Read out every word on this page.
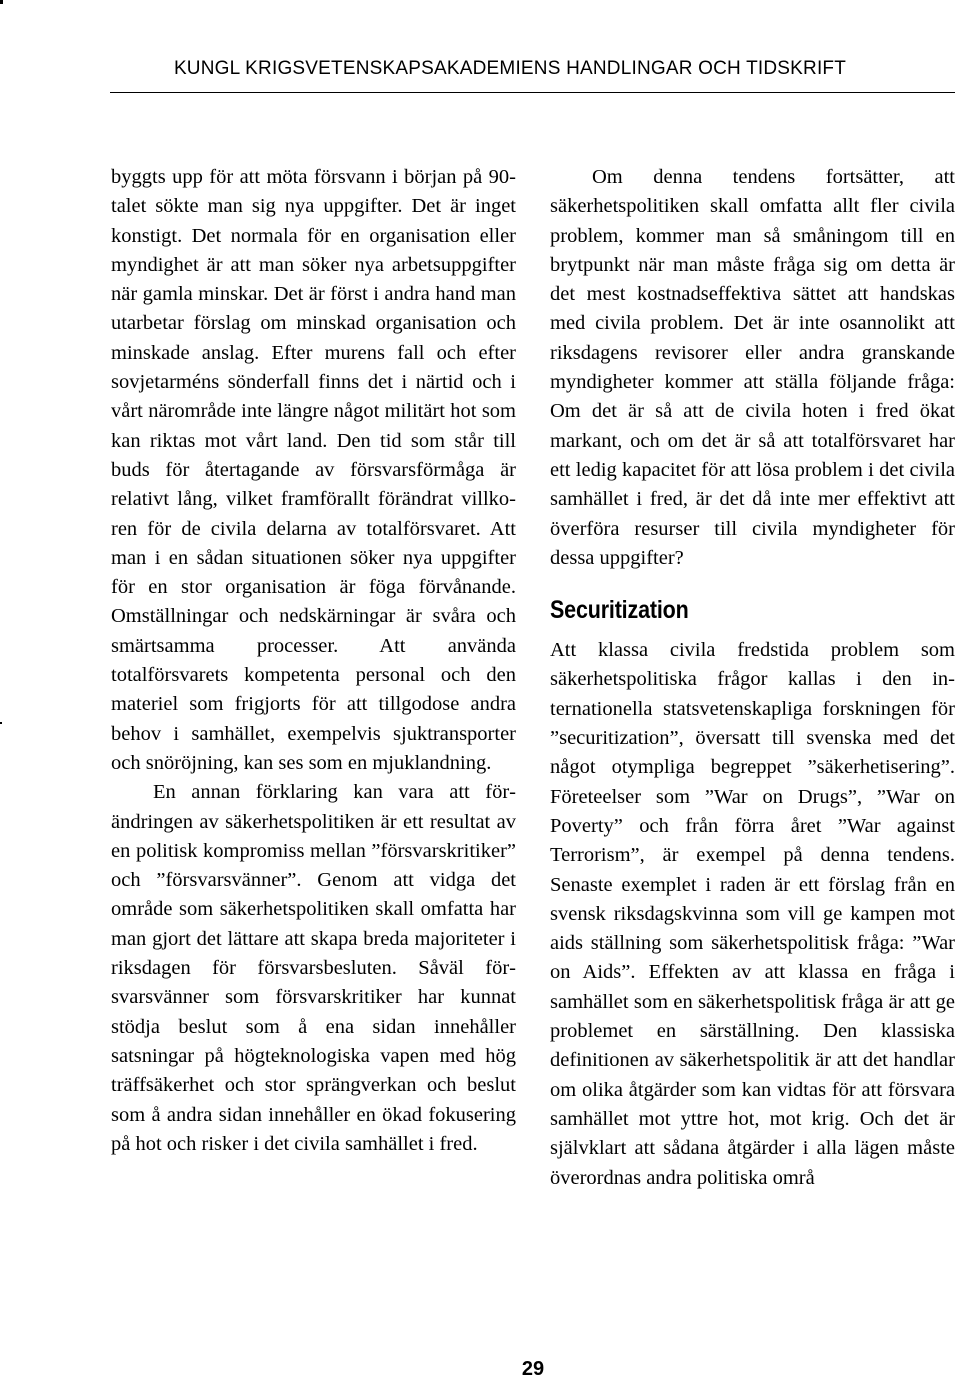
KUNGL KRIGSVETENSKAPSAKADEMIENS HANDLINGAR OCH TIDSKRIFT

byggts upp för att möta försvann i början på 90-talet sökte man sig nya uppgifter. Det är inget konstigt. Det normala för en organisation eller myndighet är att man söker nya arbetsuppgifter när gamla minskar. Det är först i andra hand man utarbetar förslag om minskad organisation och minskade anslag. Efter murens fall och efter sovjetarméns sönderfall finns det i närtid och i vårt närområde inte längre något militärt hot som kan riktas mot vårt land. Den tid som står till buds för återtagande av försvarsförmåga är relativt lång, vilket framförallt förändrat villkoren för de civila delarna av totalförsvaret. Att man i en sådan situationen söker nya uppgifter för en stor organisation är föga förvånande. Omställningar och nedskärningar är svåra och smärtsamma processer. Att använda totalförsvarets kompetenta personal och den materiel som frigjorts för att tillgodose andra behov i samhället, exempelvis sjuktransporter och snöröjning, kan ses som en mjuklandning.

En annan förklaring kan vara att förändringen av säkerhetspolitiken är ett resultat av en politisk kompromiss mellan ”försvarskritiker” och ”försvarsvänner”. Genom att vidga det område som säkerhetspolitiken skall omfatta har man gjort det lättare att skapa breda majoriteter i riksdagen för försvarsbesluten. Såväl försvarsvänner som försvarskritiker har kunnat stödja beslut som å ena sidan innehåller satsningar på högteknologiska vapen med hög träffsäkerhet och stor sprängverkan och beslut som å andra sidan innehåller en ökad fokusering på hot och risker i det civila samhället i fred.

Om denna tendens fortsätter, att säkerhetspolitiken skall omfatta allt fler civila problem, kommer man så småningom till en brytpunkt när man måste fråga sig om detta är det mest kostnadseffektiva sättet att handskas med civila problem. Det är inte osannolikt att riksdagens revisorer eller andra granskande myndigheter kommer att ställa följande fråga: Om det är så att de civila hoten i fred ökat markant, och om det är så att totalförsvaret har ett ledig kapacitet för att lösa problem i det civila samhället i fred, är det då inte mer effektivt att överföra resurser till civila myndigheter för dessa uppgifter?

Securitization

Att klassa civila fredstida problem som säkerhetspolitiska frågor kallas i den internationella statsvetenskapliga forskningen för ”securitization”, översatt till svenska med det något otympliga begreppet ”säkerhetisering”. Företeelser som ”War on Drugs”, ”War on Poverty” och från förra året ”War against Terrorism”, är exempel på denna tendens. Senaste exemplet i raden är ett förslag från en svensk riksdagskvinna som vill ge kampen mot aids ställning som säkerhetspolitisk fråga: ”War on Aids”. Effekten av att klassa en fråga i samhället som en säkerhetspolitisk fråga är att ge problemet en särställning. Den klassiska definitionen av säkerhetspolitik är att det handlar om olika åtgärder som kan vidtas för att försvara samhället mot yttre hot, mot krig. Och det är självklart att sådana åtgärder i alla lägen måste överordnas andra politiska områ

29
